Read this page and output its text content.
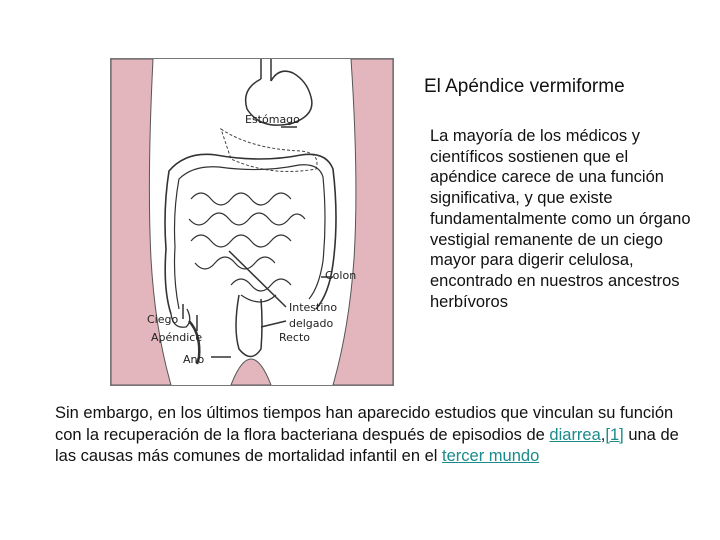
Estómago
Colon
Ciego
Apéndice
Intestino
delgado
Recto
Ano
El Apéndice vermiforme
La mayoría de los médicos y científicos sostienen que el apéndice carece de una función significativa, y que existe fundamentalmente como un órgano vestigial remanente de un ciego mayor para digerir celulosa, encontrado en nuestros ancestros herbívoros
Sin embargo, en los últimos tiempos han aparecido estudios que vinculan su función con la recuperación de la flora bacteriana después de episodios de diarrea,[1] una de las causas más comunes de mortalidad infantil en el tercer mundo
